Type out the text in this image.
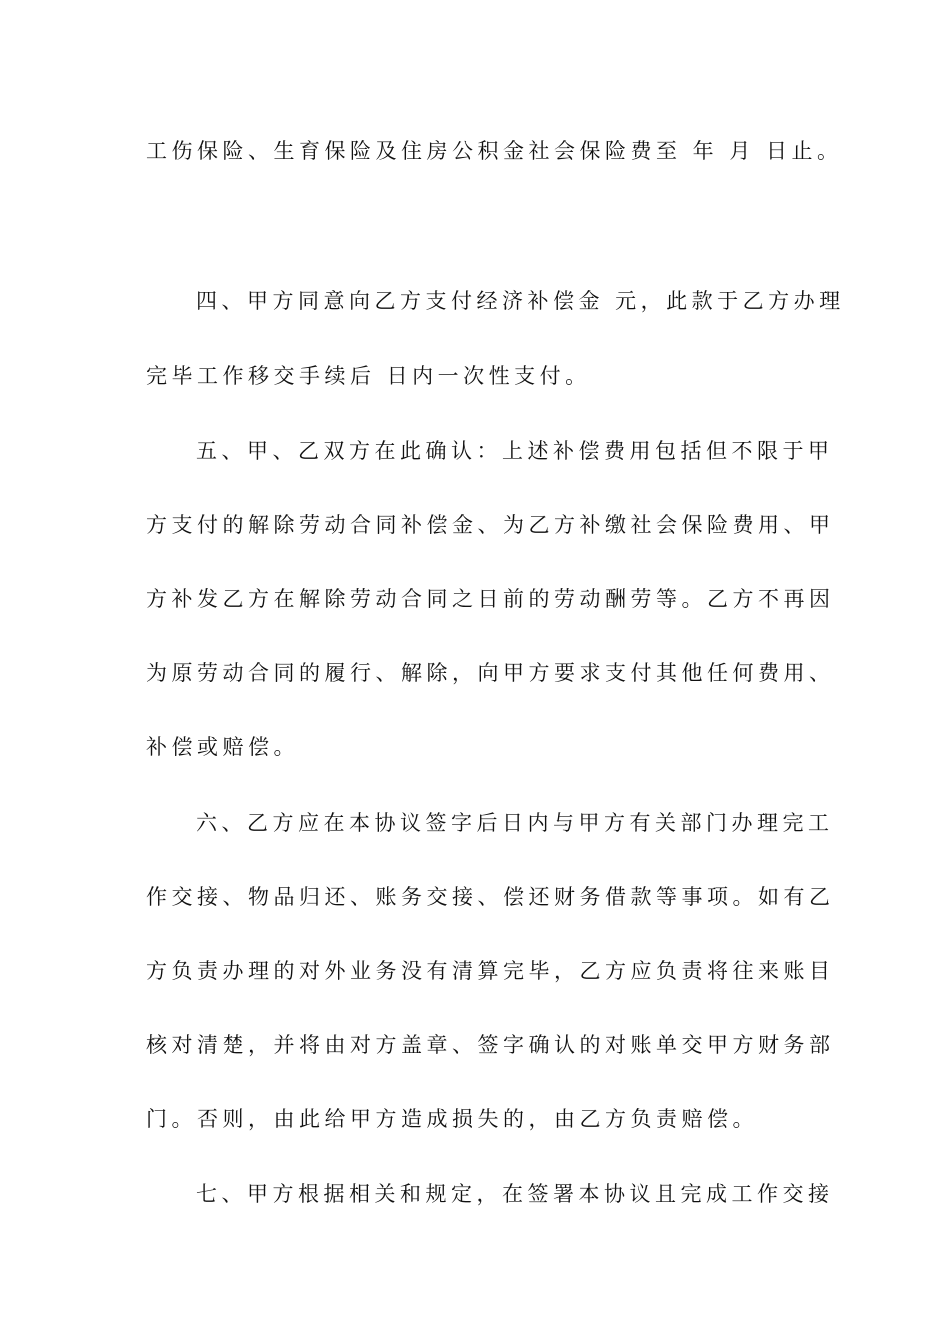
工伤保险、生育保险及住房公积金社会保险费至 年 月 日止。
四、甲方同意向乙方支付经济补偿金 元，此款于乙方办理
完毕工作移交手续后 日内一次性支付。
五、甲、乙双方在此确认：上述补偿费用包括但不限于甲
方支付的解除劳动合同补偿金、为乙方补缴社会保险费用、甲
方补发乙方在解除劳动合同之日前的劳动酬劳等。乙方不再因
为原劳动合同的履行、解除，向甲方要求支付其他任何费用、
补偿或赔偿。
六、乙方应在本协议签字后日内与甲方有关部门办理完工
作交接、物品归还、账务交接、偿还财务借款等事项。如有乙
方负责办理的对外业务没有清算完毕，乙方应负责将往来账目
核对清楚，并将由对方盖章、签字确认的对账单交甲方财务部
门。否则，由此给甲方造成损失的，由乙方负责赔偿。
七、甲方根据相关和规定，在签署本协议且完成工作交接
